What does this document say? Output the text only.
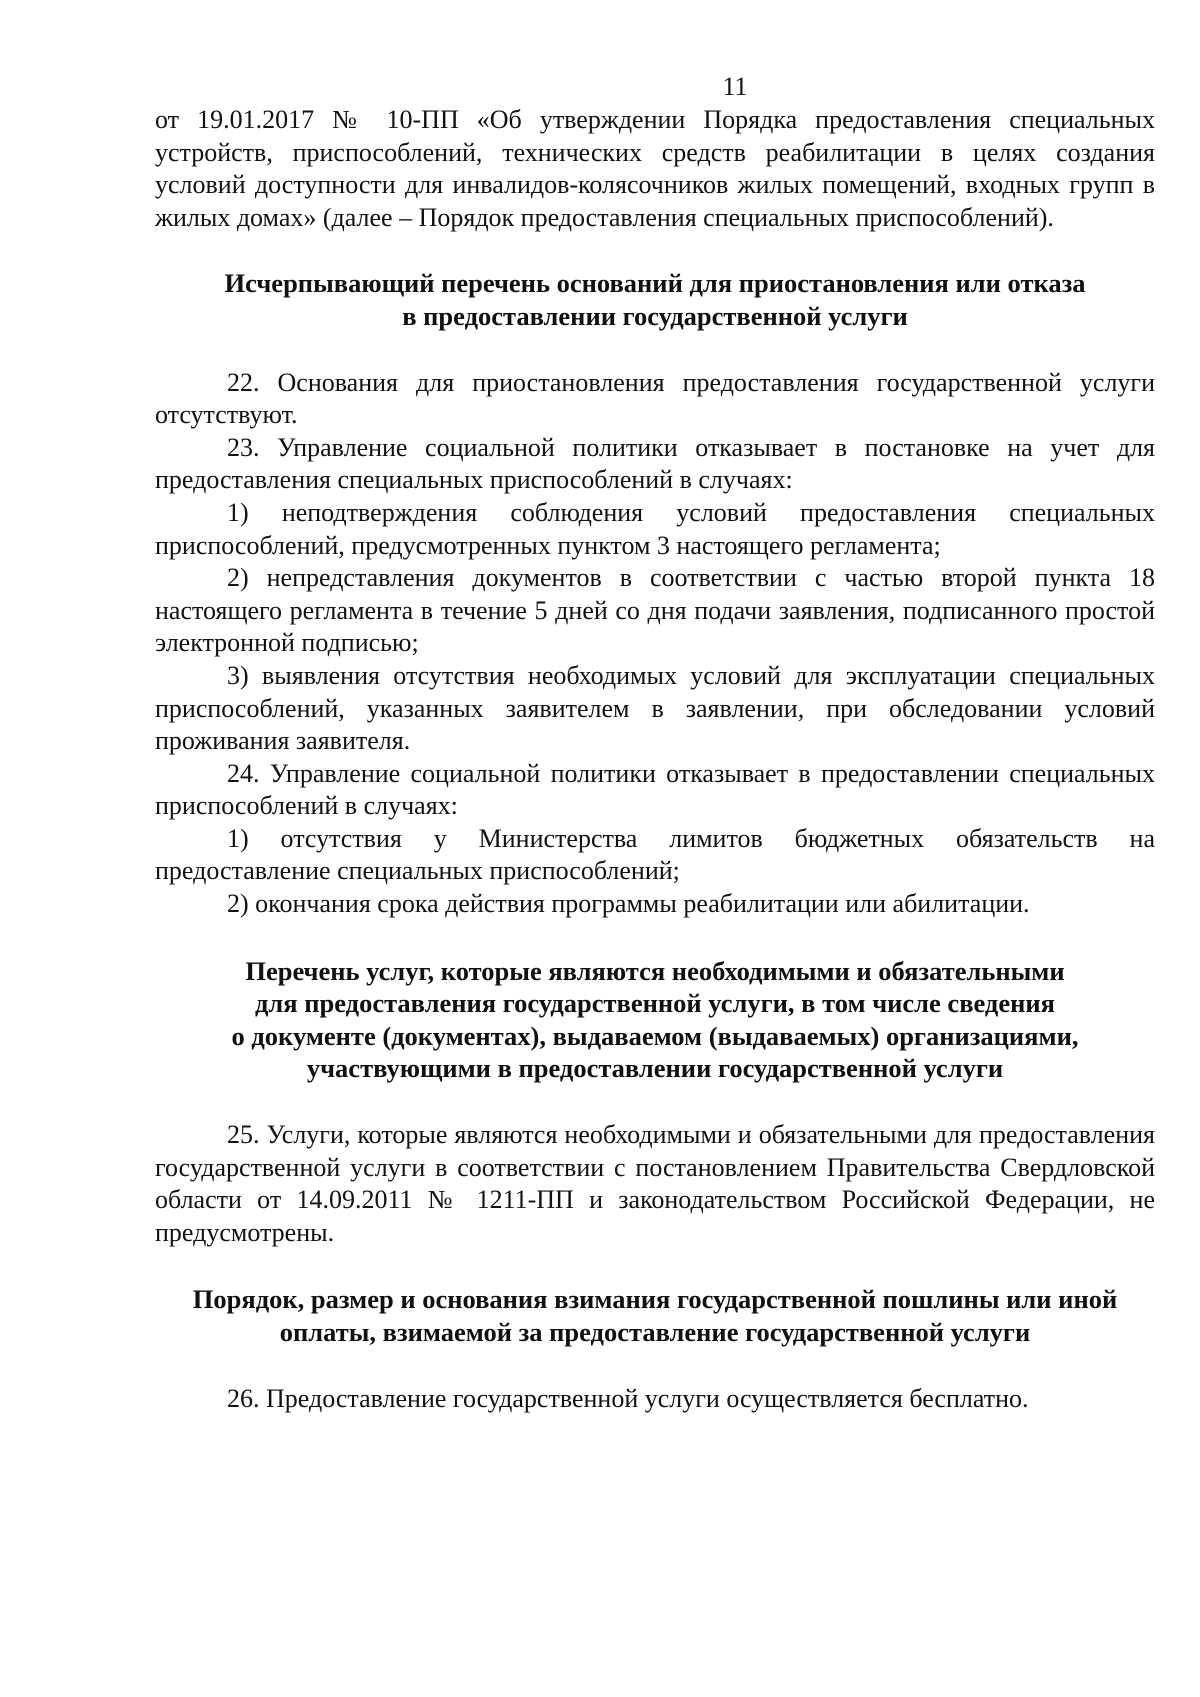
11

от 19.01.2017 № 10-ПП «Об утверждении Порядка предоставления специальных устройств, приспособлений, технических средств реабилитации в целях создания условий доступности для инвалидов-колясочников жилых помещений, входных групп в жилых домах» (далее – Порядок предоставления специальных приспособлений).

Исчерпывающий перечень оснований для приостановления или отказа
в предоставлении государственной услуги

22. Основания для приостановления предоставления государственной услуги отсутствуют.

23. Управление социальной политики отказывает в постановке на учет для предоставления специальных приспособлений в случаях:

1) неподтверждения соблюдения условий предоставления специальных приспособлений, предусмотренных пунктом 3 настоящего регламента;

2) непредставления документов в соответствии с частью второй пункта 18 настоящего регламента в течение 5 дней со дня подачи заявления, подписанного простой электронной подписью;

3) выявления отсутствия необходимых условий для эксплуатации специальных приспособлений, указанных заявителем в заявлении, при обследовании условий проживания заявителя.

24. Управление социальной политики отказывает в предоставлении специальных приспособлений в случаях:

1) отсутствия у Министерства лимитов бюджетных обязательств на предоставление специальных приспособлений;

2) окончания срока действия программы реабилитации или абилитации.

Перечень услуг, которые являются необходимыми и обязательными
для предоставления государственной услуги, в том числе сведения
о документе (документах), выдаваемом (выдаваемых) организациями,
участвующими в предоставлении государственной услуги

25. Услуги, которые являются необходимыми и обязательными для предоставления государственной услуги в соответствии с постановлением Правительства Свердловской области от 14.09.2011 № 1211-ПП и законодательством Российской Федерации, не предусмотрены.

Порядок, размер и основания взимания государственной пошлины или иной
оплаты, взимаемой за предоставление государственной услуги

26. Предоставление государственной услуги осуществляется бесплатно.
